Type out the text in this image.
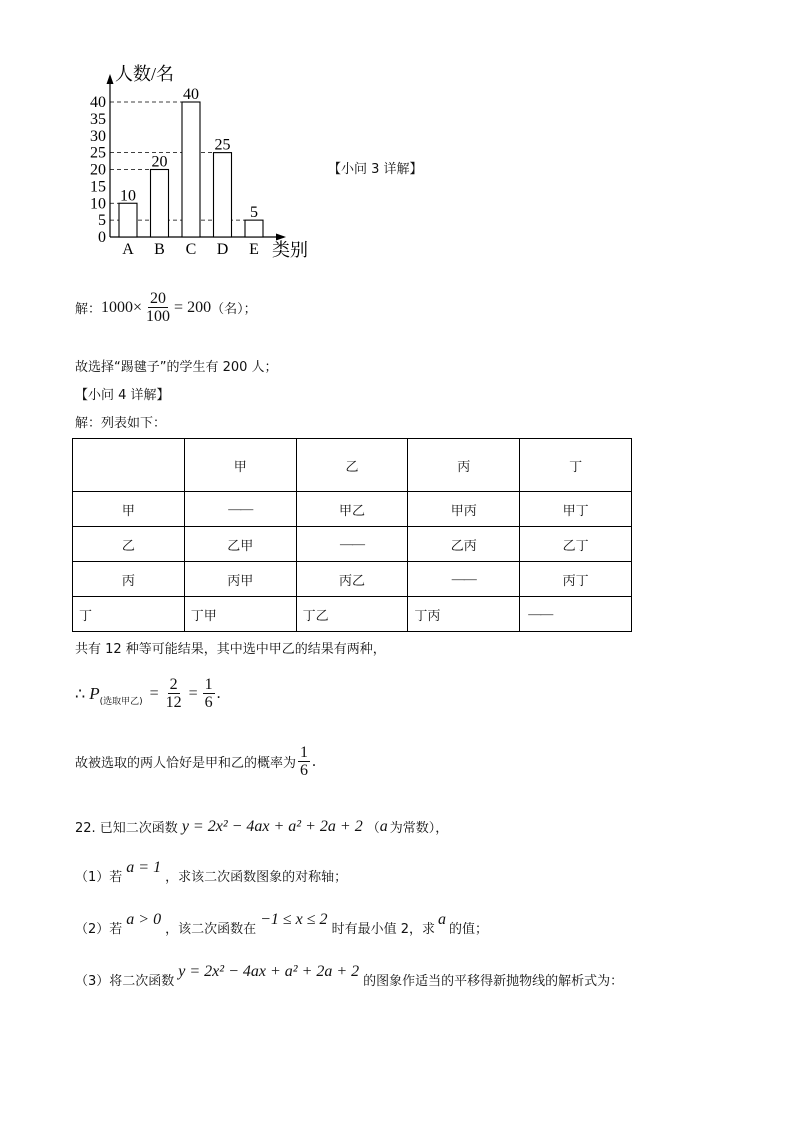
0
5
10
15
20
25
30
35
40
A B C D E
10
20
40
25
5
人数/名
类别
【小问 3 详解】
解： $1000\times \frac{20}{100} = 200$ （名）；
故选择“踢毽子”的学生有 200 人；
【小问 4 详解】
解：列表如下：
	甲	乙	丙	丁
甲	——	甲乙	甲丙	甲丁
乙	乙甲	——	乙丙	乙丁
丙	丙甲	丙乙	——	丙丁
丁	丁甲	丁乙	丁丙	——
共有 12 种等可能结果，其中选中甲乙的结果有两种，
∴ P (选取甲乙)
= $\frac{2}{12} = \frac{1}{6}$ .
故被选取的两人恰好是甲和乙的概率为 $\frac{1}{6}$ .
22. 已知二次函数 y = 2x² − 4ax + a² + 2a + 2 （ a 为常数），
（1）若
a = 1
，求该二次函数图象的对称轴；
（2）若
a > 0
，该二次函数在
−1 ≤ x ≤ 2
时有最小值 2，求
a
的值；
（3）将二次函数
y = 2x² − 4ax + a² + 2a + 2
的图象作适当的平移得新抛物线的解析式为：
